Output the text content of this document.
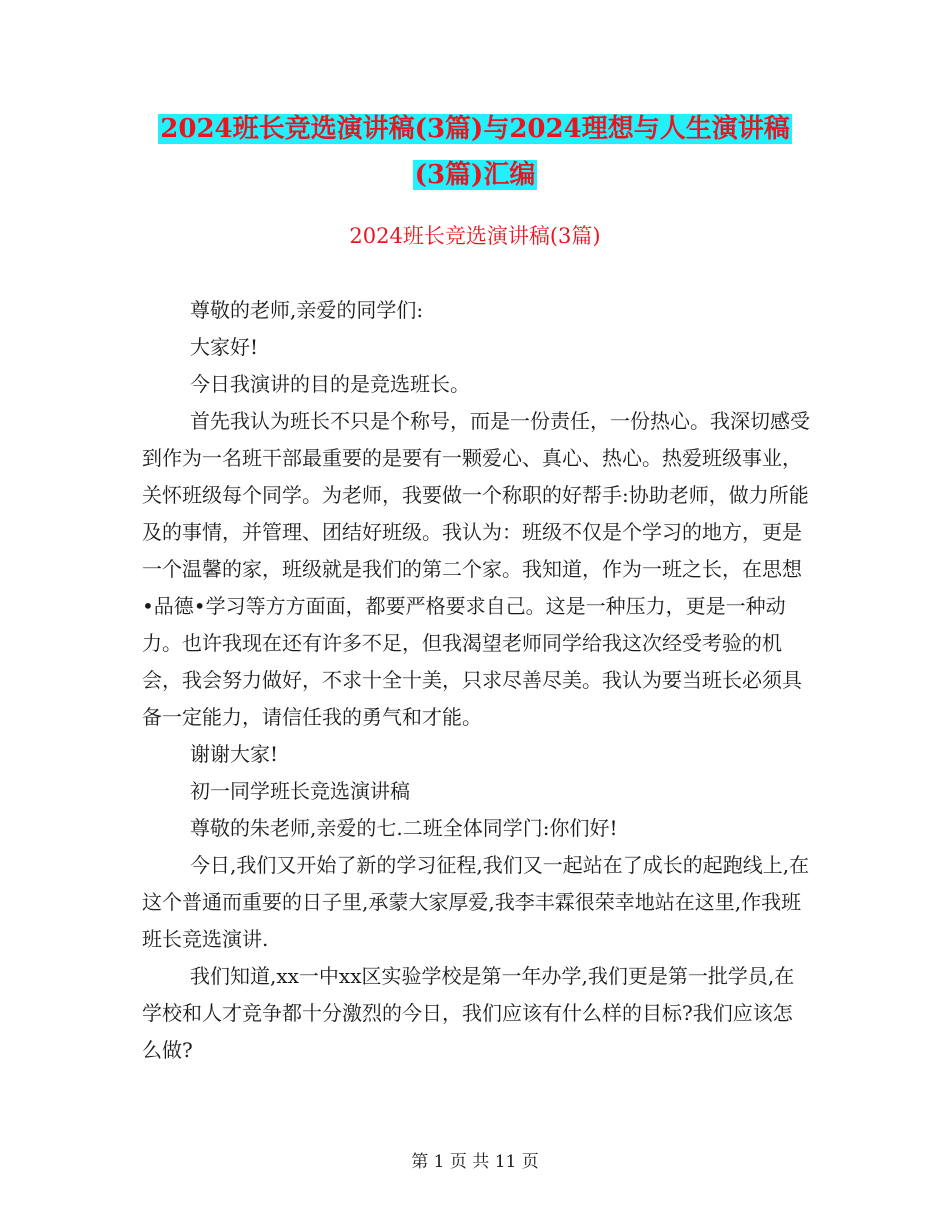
2024班长竞选演讲稿(3篇)与2024理想与人生演讲稿
(3篇)汇编
2024班长竞选演讲稿(3篇)

尊敬的老师,亲爱的同学们:

大家好!

今日我演讲的目的是竞选班长。

首先我认为班长不只是个称号，而是一份责任，一份热心。我深切感受到作为一名班干部最重要的是要有一颗爱心、真心、热心。热爱班级事业，关怀班级每个同学。为老师，我要做一个称职的好帮手:协助老师，做力所能及的事情，并管理、团结好班级。我认为：班级不仅是个学习的地方，更是一个温馨的家，班级就是我们的第二个家。我知道，作为一班之长，在思想•品德•学习等方方面面，都要严格要求自己。这是一种压力，更是一种动力。也许我现在还有许多不足，但我渴望老师同学给我这次经受考验的机会，我会努力做好，不求十全十美，只求尽善尽美。我认为要当班长必须具备一定能力，请信任我的勇气和才能。

谢谢大家!

初一同学班长竞选演讲稿

尊敬的朱老师,亲爱的七.二班全体同学门:你们好!

今日,我们又开始了新的学习征程,我们又一起站在了成长的起跑线上,在这个普通而重要的日子里,承蒙大家厚爱,我李丰霖很荣幸地站在这里,作我班班长竞选演讲.

我们知道,xx一中xx区实验学校是第一年办学,我们更是第一批学员,在学校和人才竞争都十分激烈的今日，我们应该有什么样的目标?我们应该怎么做?

第 1 页 共 11 页
